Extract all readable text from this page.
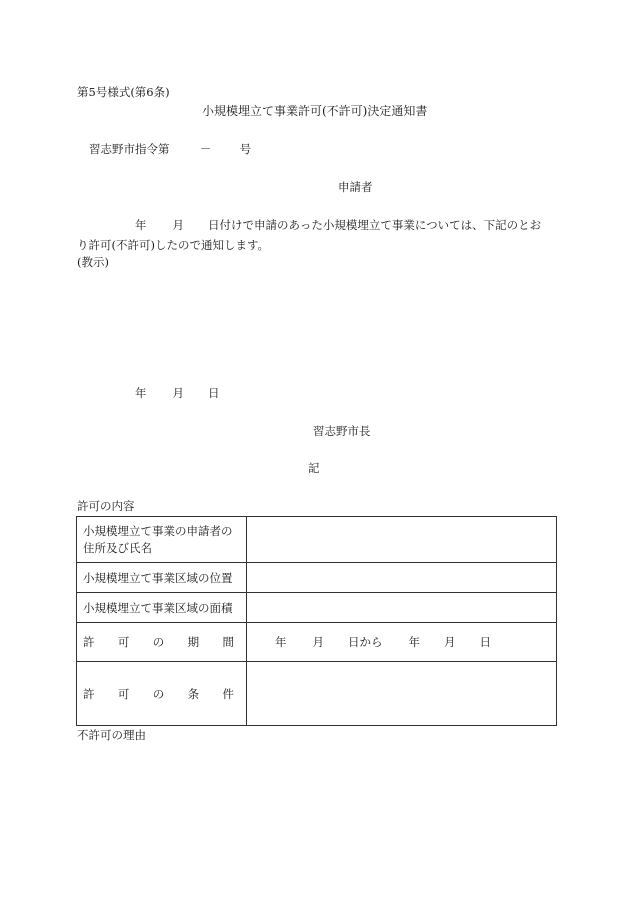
第5号様式(第6条)
小規模埋立て事業許可(不許可)決定通知書
習志野市指令第	－ 号
申請者
年 月 日付けで申請のあった小規模埋立て事業については、下記のとお
り許可(不許可)したので通知します。
(教示)
年 月 日
習志野市長
記
許可の内容
小規模埋立て事業の申請者の住所及び氏名	
小規模埋立て事業区域の位置	
小規模埋立て事業区域の面積	

許 可 の 期 間	年 月 日から 年 月 日

許 可 の 条 件	

不許可の理由
